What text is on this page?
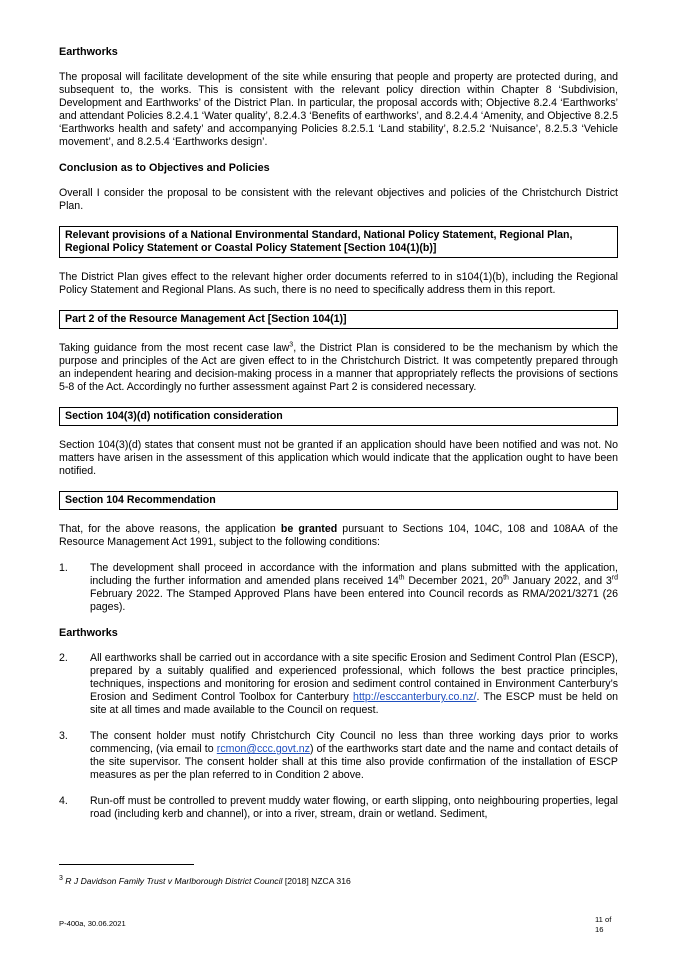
Earthworks

The proposal will facilitate development of the site while ensuring that people and property are protected during, and subsequent to, the works. This is consistent with the relevant policy direction within Chapter 8 ‘Subdivision, Development and Earthworks’ of the District Plan. In particular, the proposal accords with; Objective 8.2.4 ‘Earthworks’ and attendant Policies 8.2.4.1 ‘Water quality’, 8.2.4.3 ‘Benefits of earthworks’, and 8.2.4.4 ‘Amenity, and Objective 8.2.5 ‘Earthworks health and safety’ and accompanying Policies 8.2.5.1 ‘Land stability’, 8.2.5.2 ‘Nuisance’, 8.2.5.3 ‘Vehicle movement’, and 8.2.5.4 ‘Earthworks design’.

Conclusion as to Objectives and Policies

Overall I consider the proposal to be consistent with the relevant objectives and policies of the Christchurch District Plan.

Relevant provisions of a National Environmental Standard, National Policy Statement, Regional Plan, Regional Policy Statement or Coastal Policy Statement [Section 104(1)(b)]

The District Plan gives effect to the relevant higher order documents referred to in s104(1)(b), including the Regional Policy Statement and Regional Plans. As such, there is no need to specifically address them in this report.

Part 2 of the Resource Management Act [Section 104(1)]

Taking guidance from the most recent case law$^3$, the District Plan is considered to be the mechanism by which the purpose and principles of the Act are given effect to in the Christchurch District. It was competently prepared through an independent hearing and decision-making process in a manner that appropriately reflects the provisions of sections 5-8 of the Act. Accordingly no further assessment against Part 2 is considered necessary.

Section 104(3)(d) notification consideration

Section 104(3)(d) states that consent must not be granted if an application should have been notified and was not. No matters have arisen in the assessment of this application which would indicate that the application ought to have been notified.

Section 104 Recommendation

That, for the above reasons, the application be granted pursuant to Sections 104, 104C, 108 and 108AA of the Resource Management Act 1991, subject to the following conditions:

1.	The development shall proceed in accordance with the information and plans submitted with the application, including the further information and amended plans received 14th December 2021, 20th January 2022, and 3rd February 2022. The Stamped Approved Plans have been entered into Council records as RMA/2021/3271 (26 pages).
Earthworks
2.	All earthworks shall be carried out in accordance with a site specific Erosion and Sediment Control Plan (ESCP), prepared by a suitably qualified and experienced professional, which follows the best practice principles, techniques, inspections and monitoring for erosion and sediment control contained in Environment Canterbury’s Erosion and Sediment Control Toolbox for Canterbury http://esccanterbury.co.nz/. The ESCP must be held on site at all times and made available to the Council on request.
3.	The consent holder must notify Christchurch City Council no less than three working days prior to works commencing, (via email to rcmon@ccc.govt.nz) of the earthworks start date and the name and contact details of the site supervisor. The consent holder shall at this time also provide confirmation of the installation of ESCP measures as per the plan referred to in Condition 2 above.
4.	Run-off must be controlled to prevent muddy water flowing, or earth slipping, onto neighbouring properties, legal road (including kerb and channel), or into a river, stream, drain or wetland. Sediment,
$^3$ R J Davidson Family Trust v Marlborough District Council [2018] NZCA 316
P-400a, 30.06.2021	11 of
16
